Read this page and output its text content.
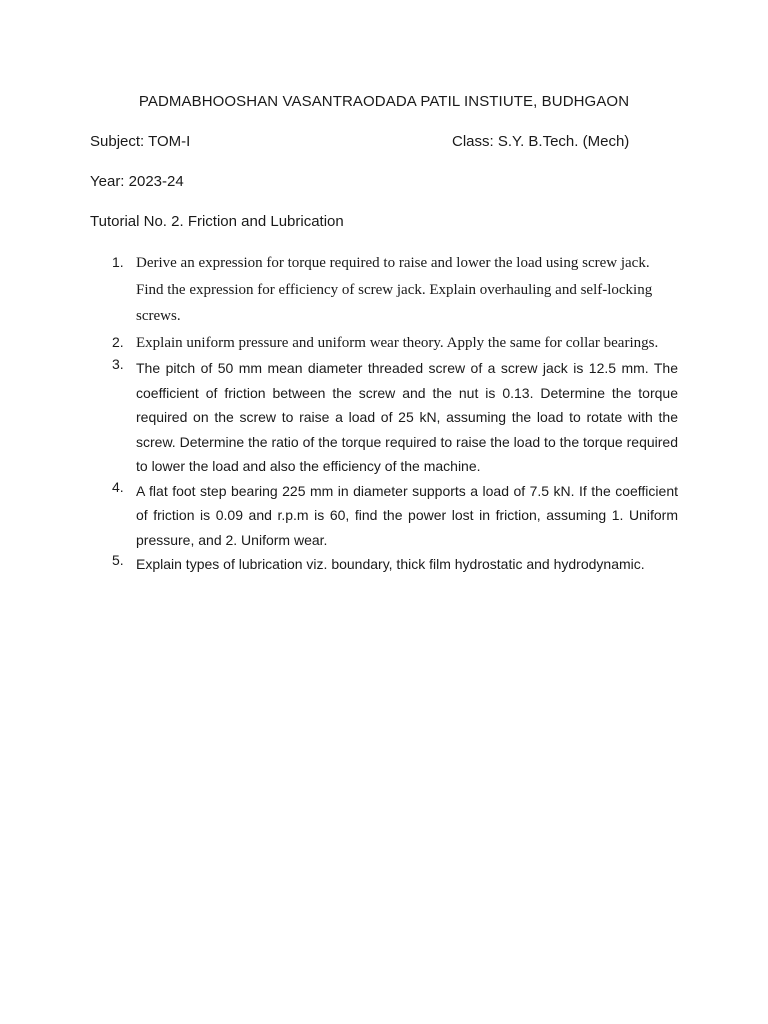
PADMABHOOSHAN VASANTRAODADA PATIL INSTIUTE, BUDHGAON
Subject: TOM-I	Class: S.Y. B.Tech. (Mech)
Year: 2023-24
Tutorial No. 2. Friction and Lubrication
1. Derive an expression for torque required to raise and lower the load using screw jack. Find the expression for efficiency of screw jack. Explain overhauling and self-locking screws.
2. Explain uniform pressure and uniform wear theory. Apply the same for collar bearings.
3. The pitch of 50 mm mean diameter threaded screw of a screw jack is 12.5 mm. The coefficient of friction between the screw and the nut is 0.13. Determine the torque required on the screw to raise a load of 25 kN, assuming the load to rotate with the screw. Determine the ratio of the torque required to raise the load to the torque required to lower the load and also the efficiency of the machine.
4. A flat foot step bearing 225 mm in diameter supports a load of 7.5 kN. If the coefficient of friction is 0.09 and r.p.m is 60, find the power lost in friction, assuming 1. Uniform pressure, and 2. Uniform wear.
5. Explain types of lubrication viz. boundary, thick film hydrostatic and hydrodynamic.
